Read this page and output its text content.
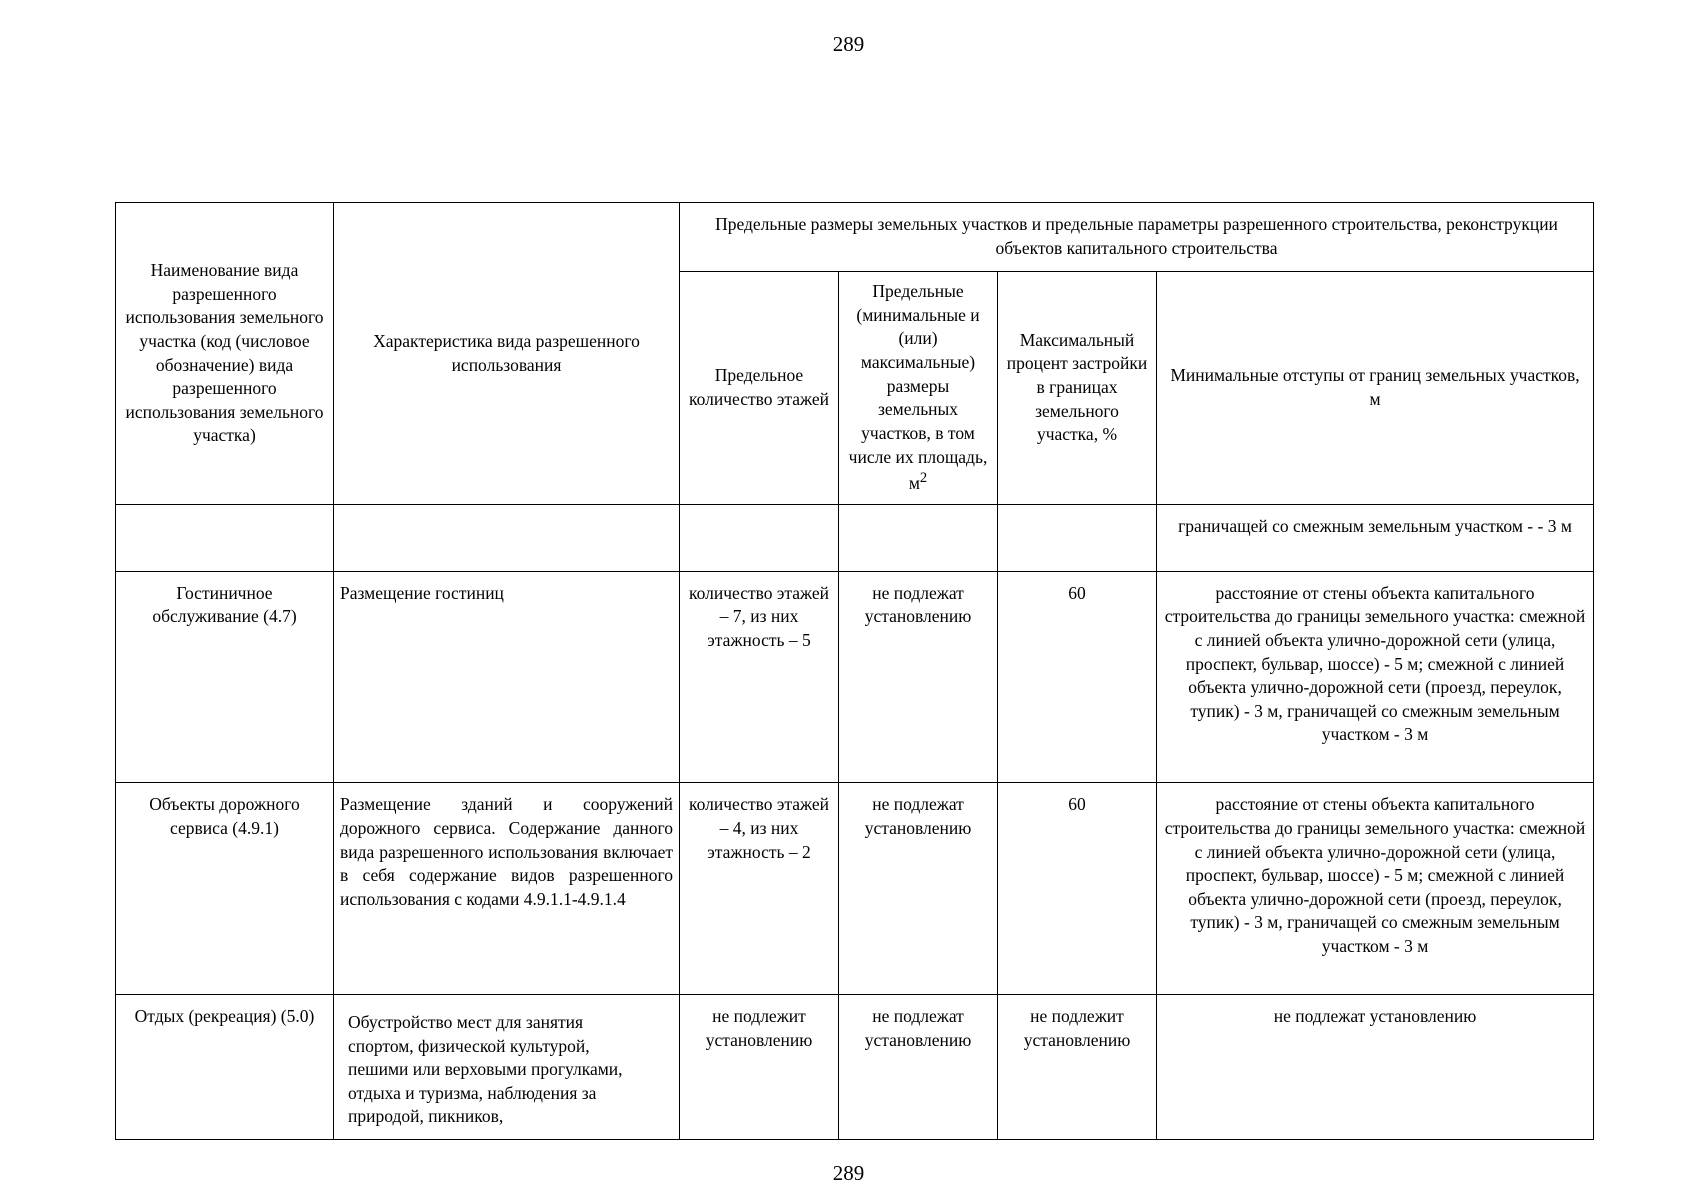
289
Наименование вида разрешенного использования земельного участка (код (числовое обозначение) вида разрешенного использования земельного участка)	Характеристика вида разрешенного использования	Предельные размеры земельных участков и предельные параметры разрешенного строительства, реконструкции объектов капитального строительства			
		Предельное количество этажей	Предельные (минимальные и (или) максимальные) размеры земельных участков, в том числе их площадь, $м^2$	Максимальный процент застройки в границах земельного участка, %	Минимальные отступы от границ земельных участков, м
					граничащей со смежным земельным участком - - 3 м
Гостиничное обслуживание (4.7)	Размещение гостиниц	количество этажей – 7, из них этажность – 5	не подлежат установлению	60	расстояние от стены объекта капитального строительства до границы земельного участка: смежной с линией объекта улично-дорожной сети (улица, проспект, бульвар, шоссе) - 5 м; смежной с линией объекта улично-дорожной сети (проезд, переулок, тупик) - 3 м, граничащей со смежным земельным участком - 3 м
Объекты дорожного сервиса (4.9.1)	Размещение зданий и сооружений дорожного сервиса. Содержание данного вида разрешенного использования включает в себя содержание видов разрешенного использования с кодами 4.9.1.1-4.9.1.4	количество этажей – 4, из них этажность – 2	не подлежат установлению	60	расстояние от стены объекта капитального строительства до границы земельного участка: смежной с линией объекта улично-дорожной сети (улица, проспект, бульвар, шоссе) - 5 м; смежной с линией объекта улично-дорожной сети (проезд, переулок, тупик) - 3 м, граничащей со смежным земельным участком - 3 м
Отдых (рекреация) (5.0)	Обустройство мест для занятия спортом, физической культурой, пешими или верховыми прогулками, отдыха и туризма, наблюдения за природой, пикников,	не подлежит установлению	не подлежат установлению	не подлежит установлению	не подлежат установлению
289
